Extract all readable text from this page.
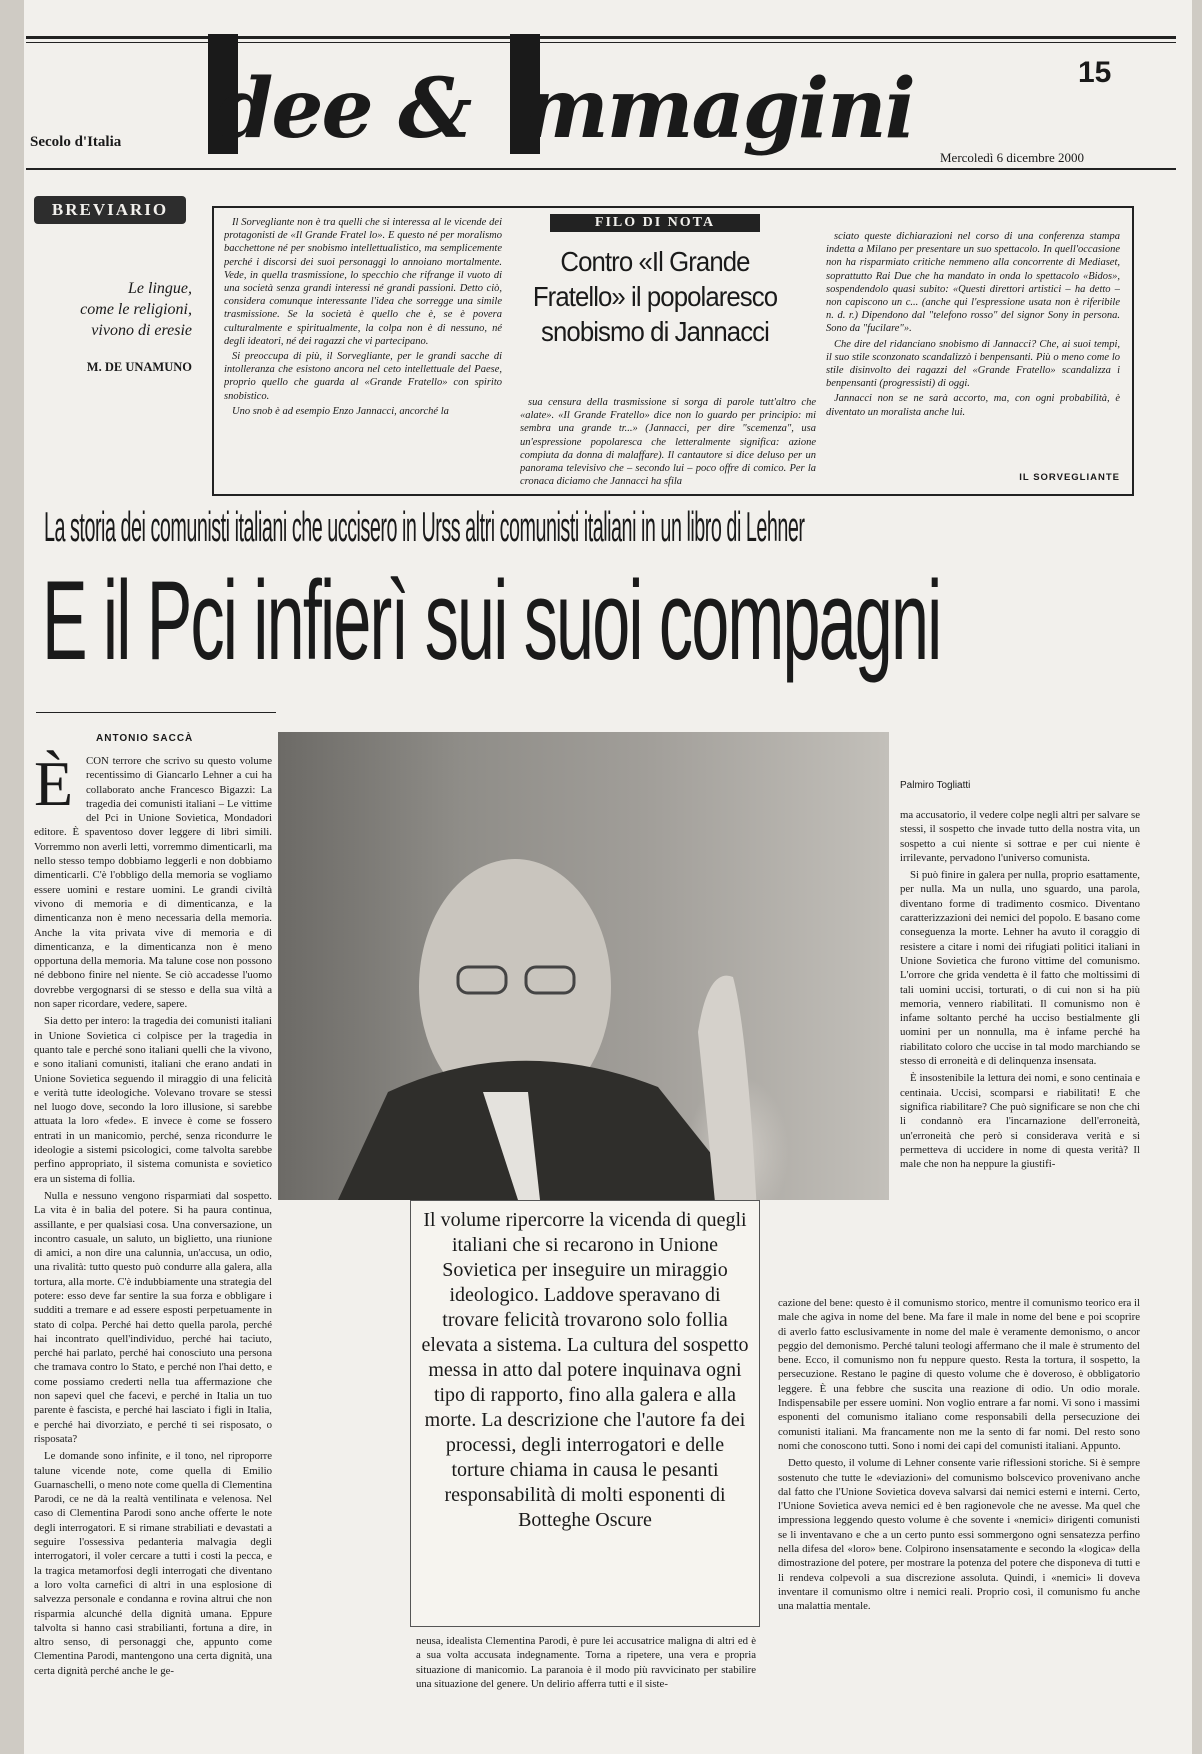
dee & mmagini
Secolo d'Italia
Mercoledì 6 dicembre 2000
15
BREVIARIO
Le lingue,
come le religioni,
vivono di eresie
M. DE UNAMUNO
FILO DI NOTA
Contro «Il Grande
Fratello» il popolaresco
snobismo di Jannacci

Il Sorvegliante non è tra quelli che si interessa al le vicende dei protagonisti de «Il Grande Fratel lo». E questo né per moralismo bacchettone né per snobismo intellettualistico, ma semplicemente perché i discorsi dei suoi personaggi lo annoiano mortalmente. Vede, in quella trasmissione, lo specchio che rifrange il vuoto di una società senza grandi interessi né grandi passioni. Detto ciò, considera comunque interessante l'idea che sorregge una simile trasmissione. Se la società è quello che è, se è povera culturalmente e spiritualmente, la colpa non è di nessuno, né degli ideatori, né dei ragazzi che vi partecipano.

Si preoccupa di più, il Sorvegliante, per le grandi sacche di intolleranza che esistono ancora nel ceto intellettuale del Paese, proprio quello che guarda al «Grande Fratello» con spirito snobistico.

Uno snob è ad esempio Enzo Jannacci, ancorché la

sua censura della trasmissione si sorga di parole tutt'altro che «alate». «Il Grande Fratello» dice non lo guardo per principio: mi sembra una grande tr...» (Jannacci, per dire "scemenza", usa un'espressione popolaresca che letteralmente significa: azione compiuta da donna di malaffare). Il cantautore si dice deluso per un panorama televisivo che – secondo lui – poco offre di comico. Per la cronaca diciamo che Jannacci ha sfila

sciato queste dichiarazioni nel corso di una conferenza stampa indetta a Milano per presentare un suo spettacolo. In quell'occasione non ha risparmiato critiche nemmeno alla concorrente di Mediaset, soprattutto Rai Due che ha mandato in onda lo spettacolo «Bidos», sospendendolo quasi subito: «Questi direttori artistici – ha detto – non capiscono un c... (anche qui l'espressione usata non è riferibile n. d. r.) Dipendono dal "telefono rosso" del signor Sony in persona. Sono da "fucilare"».

Che dire del ridanciano snobismo di Jannacci? Che, ai suoi tempi, il suo stile sconzonato scandalizzò i benpensanti. Più o meno come lo stile disinvolto dei ragazzi del «Grande Fratello» scandalizza i benpensanti (progressisti) di oggi.

Jannacci non se ne sarà accorto, ma, con ogni probabilità, è diventato un moralista anche lui.

IL SORVEGLIANTE
La storia dei comunisti italiani che uccisero in Urss altri comunisti italiani in un libro di Lehner
E il Pci infierì sui suoi compagni
ANTONIO SACCÀ
Palmiro Togliatti
Il volume ripercorre la vicenda di quegli italiani che si recarono in Unione Sovietica per inseguire un miraggio ideologico. Laddove speravano di trovare felicità trovarono solo follia elevata a sistema. La cultura del sospetto messa in atto dal potere inquinava ogni tipo di rapporto, fino alla galera e alla morte. La descrizione che l'autore fa dei processi, degli interrogatori e delle torture chiama in causa le pesanti responsabilità di molti esponenti di Botteghe Oscure
È	CON terrore che scrivo su questo volume recentissimo di Giancarlo Lehner a cui ha collaborato anche Francesco Bigazzi: La tragedia dei comunisti italiani – Le vittime del Pci in Unione Sovietica, Mondadori editore. È spaventoso dover leggere di libri simili. Vorremmo non averli letti, vorremmo dimenticarli, ma nello stesso tempo dobbiamo leggerli e non dobbiamo dimenticarli. C'è l'obbligo della memoria se vogliamo essere uomini e restare uomini. Le grandi civiltà vivono di memoria e di dimenticanza, e la dimenticanza non è meno necessaria della memoria. Anche la vita privata vive di memoria e di dimenticanza, e la dimenticanza non è meno opportuna della memoria. Ma talune cose non possono né debbono finire nel niente. Se ciò accadesse l'uomo dovrebbe vergognarsi di se stesso e della sua viltà a non saper ricordare, vedere, sapere.

Sia detto per intero: la tragedia dei comunisti italiani in Unione Sovietica ci colpisce per la tragedia in quanto tale e perché sono italiani quelli che la vivono, e sono italiani comunisti, italiani che erano andati in Unione Sovietica seguendo il miraggio di una felicità e verità tutte ideologiche. Volevano trovare se stessi nel luogo dove, secondo la loro illusione, si sarebbe attuata la loro «fede». E invece è come se fossero entrati in un manicomio, perché, senza ricondurre le ideologie a sistemi psicologici, come talvolta sarebbe perfino appropriato, il sistema comunista e sovietico era un sistema di follia.

Nulla e nessuno vengono risparmiati dal sospetto. La vita è in balìa del potere. Si ha paura continua, assillante, e per qualsiasi cosa. Una conversazione, un incontro casuale, un saluto, un biglietto, una riunione di amici, a non dire una calunnia, un'accusa, un odio, una rivalità: tutto questo può condurre alla galera, alla tortura, alla morte. C'è indubbiamente una strategia del potere: esso deve far sentire la sua forza e obbligare i sudditi a tremare e ad essere esposti perpetuamente in stato di colpa. Perché hai detto quella parola, perché hai incontrato quell'individuo, perché hai taciuto, perché hai parlato, perché hai conosciuto una persona che tramava contro lo Stato, e perché non l'hai detto, e come possiamo crederti nella tua affermazione che non sapevi quel che facevi, e perché in Italia un tuo parente è fascista, e perché hai lasciato i figli in Italia, e perché hai divorziato, e perché ti sei risposato, o risposata?

Le domande sono infinite, e il tono, nel riproporre talune vicende note, come quella di Emilio Guarnaschelli, o meno note come quella di Clementina Parodi, ce ne dà la realtà ventilinata e velenosa. Nel caso di Clementina Parodi sono anche offerte le note degli interrogatori. E si rimane strabiliati e devastati a seguire l'ossessiva pedanteria malvagia degli interrogatori, il voler cercare a tutti i costi la pecca, e la tragica metamorfosi degli interrogati che diventano a loro volta carnefici di altri in una esplosione di salvezza personale e condanna e rovina altrui che non risparmia alcunché della dignità umana. Eppure talvolta si hanno casi strabilianti, fortuna a dire, in altro senso, di personaggi che, appunto come Clementina Parodi, mantengono una certa dignità, una certa dignità perché anche le ge-

neusa, idealista Clementina Parodi, è pure lei accusatrice maligna di altri ed è a sua volta accusata indegnamente. Torna a ripetere, una vera e propria situazione di manicomio. La paranoia è il modo più ravvicinato per stabilire una situazione del genere. Un delirio afferra tutti e il siste-

ma accusatorio, il vedere colpe negli altri per salvare se stessi, il sospetto che invade tutto della nostra vita, un sospetto a cui niente si sottrae e per cui niente è irrilevante, pervadono l'universo comunista.

Si può finire in galera per nulla, proprio esattamente, per nulla. Ma un nulla, uno sguardo, una parola, diventano forme di tradimento cosmico. Diventano caratterizzazioni dei nemici del popolo. E basano come conseguenza la morte. Lehner ha avuto il coraggio di resistere a citare i nomi dei rifugiati politici italiani in Unione Sovietica che furono vittime del comunismo. L'orrore che grida vendetta è il fatto che moltissimi di tali uomini uccisi, torturati, o di cui non si ha più memoria, vennero riabilitati. Il comunismo non è infame soltanto perché ha ucciso bestialmente gli uomini per un nonnulla, ma è infame perché ha riabilitato coloro che uccise in tal modo marchiando se stesso di erroneità e di delinquenza insensata.

È insostenibile la lettura dei nomi, e sono centinaia e centinaia. Uccisi, scomparsi e riabilitati! E che significa riabilitare? Che può significare se non che chi li condannò era l'incarnazione dell'erroneità, un'erroneità che però si considerava verità e si permetteva di uccidere in nome di questa verità? Il male che non ha neppure la giustifi-

cazione del bene: questo è il comunismo storico, mentre il comunismo teorico era il male che agiva in nome del bene. Ma fare il male in nome del bene e poi scoprire di averlo fatto esclusivamente in nome del male è veramente demonismo, o ancor peggio del demonismo. Perché taluni teologi affermano che il male è strumento del bene. Ecco, il comunismo non fu neppure questo. Resta la tortura, il sospetto, la persecuzione. Restano le pagine di questo volume che è doveroso, è obbligatorio leggere. È una febbre che suscita una reazione di odio. Un odio morale. Indispensabile per essere uomini. Non voglio entrare a far nomi. Vi sono i massimi esponenti del comunismo italiano come responsabili della persecuzione dei comunisti italiani. Ma francamente non me la sento di far nomi. Del resto sono nomi che conoscono tutti. Sono i nomi dei capi del comunisti italiani. Appunto.

Detto questo, il volume di Lehner consente varie riflessioni storiche. Si è sempre sostenuto che tutte le «deviazioni» del comunismo bolscevico provenivano anche dal fatto che l'Unione Sovietica doveva salvarsi dai nemici esterni e interni. Certo, l'Unione Sovietica aveva nemici ed è ben ragionevole che ne avesse. Ma quel che impressiona leggendo questo volume è che sovente i «nemici» dirigenti comunisti se li inventavano e che a un certo punto essi sommergono ogni sensatezza perfino nella difesa del «loro» bene. Colpirono insensatamente e secondo la «logica» della dimostrazione del potere, per mostrare la potenza del potere che disponeva di tutti e li rendeva colpevoli a sua discrezione assoluta. Quindi, i «nemici» li doveva inventare il comunismo oltre i nemici reali. Proprio così, il comunismo fu anche una malattia mentale.
